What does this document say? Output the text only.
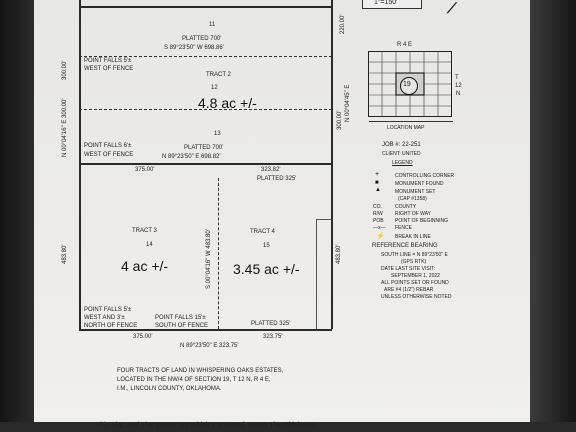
1"=150'	⟋
11
PLATTED 700'
S 89°23'50" W 698.86'
220.00'
TRACT 2
12
4.8 ac +/-
POINT FALLS 5'±
WEST OF FENCE
N 00°04'16" E 300.00'
300.00'
N 00°04'45" E
300.00'
13
POINT FALLS 6'±
WEST OF FENCE
PLATTED 700'
N 89°23'50" E 698.82'
375.00'	323.82'
PLATTED 325'
TRACT 3
14
4 ac +/-
TRACT 4
15
3.45 ac +/-
483.80'	483.80'
S 00°04'16" W 483.80'
POINT FALLS 5'±
WEST AND 3'±
NORTH OF FENCE
POINT FALLS 15'±
SOUTH OF FENCE	PLATTED 325'
375.00'	323.75'
N 89°23'50" E 323.75'
FOUR TRACTS OF LAND IN WHISPERING OAKS ESTATES,
LOCATED IN THE NW/4 OF SECTION 19, T 12 N, R 4 E,
I.M., LINCOLN COUNTY, OKLAHOMA.
This Plat, And The Survey On Which It Is Based, Meets The Oklahoma
R 4 E
19
T
12
N
LOCATION MAP
JOB #: 22-251
CLIENT: UNITED
LEGEND
+	CONTROLLING CORNER
■	MONUMENT FOUND
▲	MONUMENT SET
(CAP #1358)
CO.	COUNTY
R/W RIGHT OF WAY
POB POINT OF BEGINNING
—x— FENCE
⚡ BREAK IN LINE
REFERENCE BEARING
SOUTH LINE = N 89°23'50" E
(GPS RTK)
DATE LAST SITE VISIT:
SEPTEMBER 1, 2022
ALL POINTS SET OR FOUND
ARE #4 (1/2") REBAR
UNLESS OTHERWISE NOTED
